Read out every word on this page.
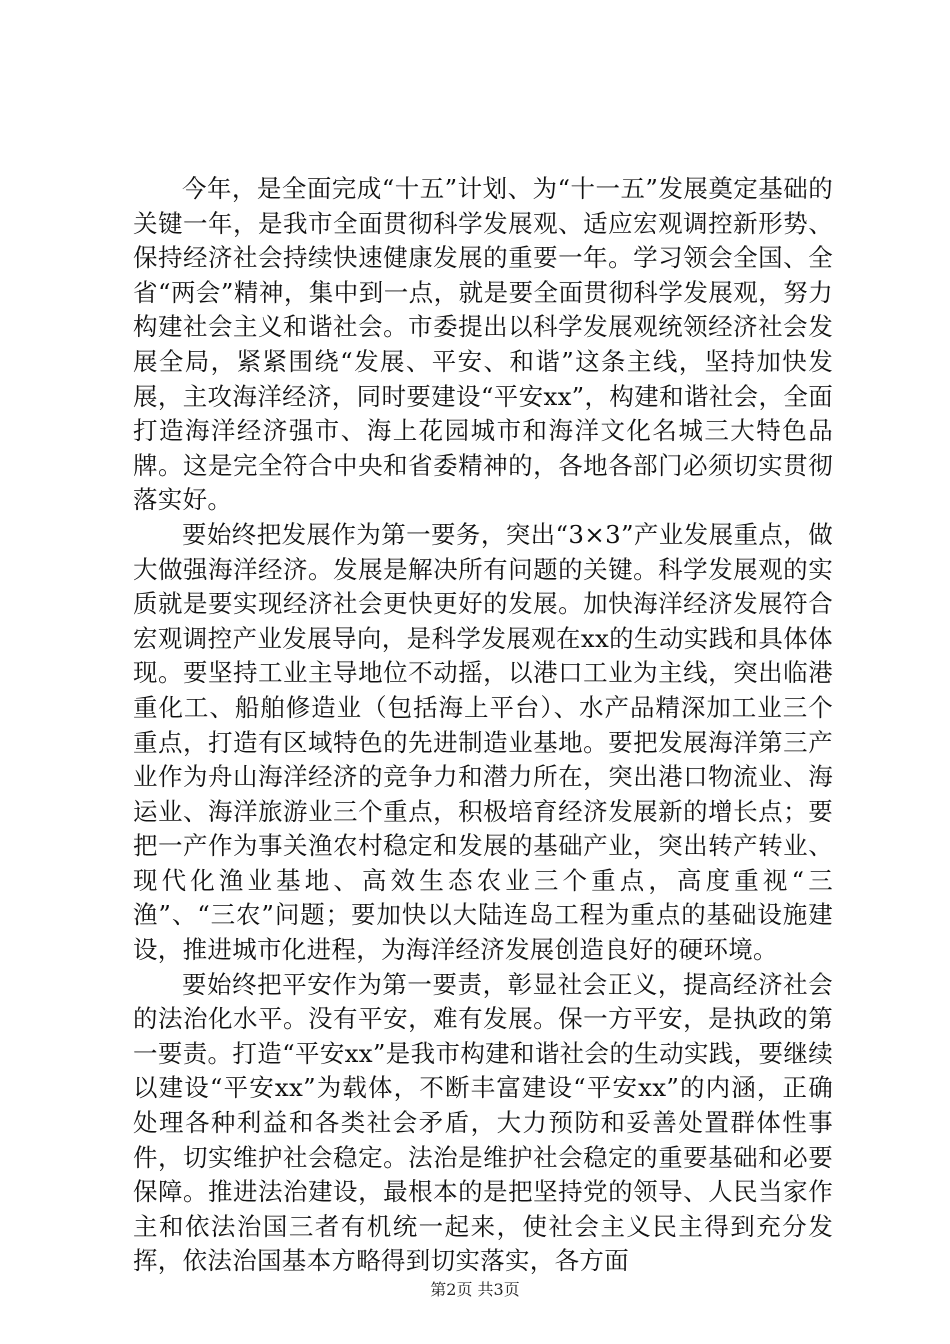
今年，是全面完成“十五”计划、为“十一五”发展奠定基础的关键一年，是我市全面贯彻科学发展观、适应宏观调控新形势、保持经济社会持续快速健康发展的重要一年。学习领会全国、全省“两会”精神，集中到一点，就是要全面贯彻科学发展观，努力构建社会主义和谐社会。市委提出以科学发展观统领经济社会发展全局，紧紧围绕“发展、平安、和谐”这条主线，坚持加快发展，主攻海洋经济，同时要建设“平安xx”，构建和谐社会，全面打造海洋经济强市、海上花园城市和海洋文化名城三大特色品牌。这是完全符合中央和省委精神的，各地各部门必须切实贯彻落实好。

要始终把发展作为第一要务，突出“3×3”产业发展重点，做大做强海洋经济。发展是解决所有问题的关键。科学发展观的实质就是要实现经济社会更快更好的发展。加快海洋经济发展符合宏观调控产业发展导向，是科学发展观在xx的生动实践和具体体现。要坚持工业主导地位不动摇，以港口工业为主线，突出临港重化工、船舶修造业（包括海上平台）、水产品精深加工业三个重点，打造有区域特色的先进制造业基地。要把发展海洋第三产业作为舟山海洋经济的竞争力和潜力所在，突出港口物流业、海运业、海洋旅游业三个重点，积极培育经济发展新的增长点；要把一产作为事关渔农村稳定和发展的基础产业，突出转产转业、现代化渔业基地、高效生态农业三个重点，高度重视“三渔”、“三农”问题；要加快以大陆连岛工程为重点的基础设施建设，推进城市化进程，为海洋经济发展创造良好的硬环境。

要始终把平安作为第一要责，彰显社会正义，提高经济社会的法治化水平。没有平安，难有发展。保一方平安，是执政的第一要责。打造“平安xx”是我市构建和谐社会的生动实践，要继续以建设“平安xx”为载体，不断丰富建设“平安xx”的内涵，正确处理各种利益和各类社会矛盾，大力预防和妥善处置群体性事件，切实维护社会稳定。法治是维护社会稳定的重要基础和必要保障。推进法治建设，最根本的是把坚持党的领导、人民当家作主和依法治国三者有机统一起来，使社会主义民主得到充分发挥，依法治国基本方略得到切实落实，各方面

第2页 共3页
